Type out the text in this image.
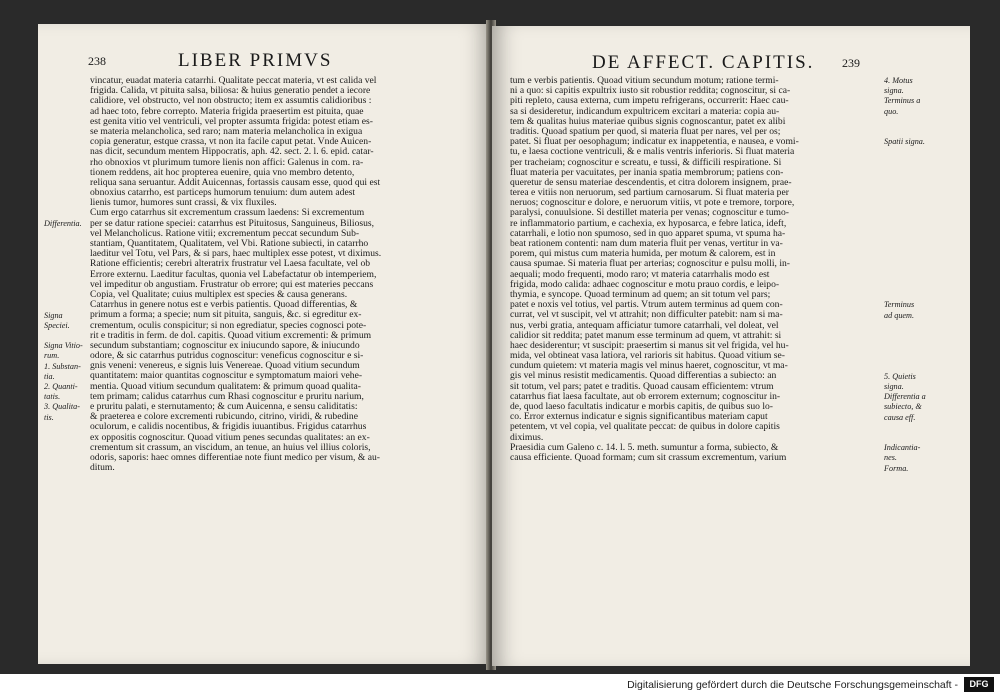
238	LIBER PRIMVS
vincatur, euadat materia catarrhi. Qualitate peccat materia, vt est calida vel
frigida. Calida, vt pituita salsa, biliosa: & huius generatio pendet a iecore
calidiore, vel obstructo, vel non obstructo; item ex assumtis calidioribus :
ad haec toto, febre correpto. Materia frigida praesertim est pituita, quae
est genita vitio vel ventriculi, vel propter assumta frigida: potest etiam es-
se materia melancholica, sed raro; nam materia melancholica in exigua
copia generatur, estque crassa, vt non ita facile caput petat. Vnde Auicen-
nas dicit, secundum mentem Hippocratis, aph. 42. sect. 2. l. 6. epid. catar-
rho obnoxios vt plurimum tumore lienis non affici: Galenus in com. ra-
tionem reddens, ait hoc propterea euenire, quia vno membro detento,
reliqua sana seruantur. Addit Auicennas, fortassis causam esse, quod qui est
obnoxius catarrho, est particeps humorum tenuium: dum autem adest
lienis tumor, humores sunt crassi, & vix fluxiles.
Cum ergo catarrhus sit excrementum crassum laedens: Si excrementum
per se datur ratione speciei: catarrhus est Pituitosus, Sanguineus, Biliosus,
vel Melancholicus. Ratione vitii; excrementum peccat secundum Sub-
stantiam, Quantitatem, Qualitatem, vel Vbi. Ratione subiecti, in catarrho
laeditur vel Totu, vel Pars, & si pars, haec multiplex esse potest, vt diximus.
Ratione efficientis; cerebri alteratrix frustratur vel Laesa facultate, vel ob
Errore externu. Laeditur facultas, quonia vel Labefactatur ob intemperiem,
vel impeditur ob angustiam. Frustratur ob errore; qui est materies peccans
Copia, vel Qualitate; cuius multiplex est species & causa generans.
Catarrhus in genere notus est e verbis patientis. Quoad differentias, &
primum a forma; a specie; num sit pituita, sanguis, &c. si egreditur ex-
crementum, oculis conspicitur; si non egrediatur, species cognosci pote-
rit e traditis in ferm. de dol. capitis. Quoad vitium excrementi: & primum
secundum substantiam; cognoscitur ex iniucundo sapore, & iniucundo
odore, & sic catarrhus putridus cognoscitur: veneficus cognoscitur e si-
gnis veneni: venereus, e signis luis Venereae. Quoad vitium secundum
quantitatem: maior quantitas cognoscitur e symptomatum maiori vehe-
mentia. Quoad vitium secundum qualitatem: & primum quoad qualita-
tem primam; calidus catarrhus cum Rhasi cognoscitur e pruritu narium,
e pruritu palati, e sternutamento; & cum Auicenna, e sensu caliditatis:
& praeterea e colore excrementi rubicundo, citrino, viridi, & rubedine
oculorum, e calidis nocentibus, & frigidis iuuantibus. Frigidus catarrhus
ex oppositis cognoscitur. Quoad vitium penes secundas qualitates: an ex-
crementum sit crassum, an viscidum, an tenue, an huius vel illius coloris,
odoris, saporis: haec omnes differentiae note fiunt medico per visum, & au-
ditum.
Differentia.
Signa
Speciei.
Signa Vitio-
rum.
1. Substan-
tia.
2. Quanti-
tatis.
3. Qualita-
tis.
DE AFFECT. CAPITIS. 239
tum e verbis patientis. Quoad vitium secundum motum; ratione termi-
ni a quo: si capitis expultrix iusto sit robustior reddita; cognoscitur, si ca-
piti repleto, causa externa, cum impetu refrigerans, occurrerit: Haec cau-
sa si desideretur, indicandum expultricem excitari a materia: copia au-
tem & qualitas huius materiae quibus signis cognoscantur, patet ex alibi
traditis. Quoad spatium per quod, si materia fluat per nares, vel per os;
patet. Si fluat per oesophagum; indicatur ex inappetentia, e nausea, e vomi-
tu, e laesa coctione ventriculi, & e malis ventris inferioris. Si fluat materia
per tracheiam; cognoscitur e screatu, e tussi, & difficili respiratione. Si
fluat materia per vacuitates, per inania spatia membrorum; patiens con-
queretur de sensu materiae descendentis, et citra dolorem insignem, prae-
terea e vitiis non neruorum, sed partium carnosarum. Si fluat materia per
neruos; cognoscitur e dolore, e neruorum vitiis, vt pote e tremore, torpore,
paralysi, conuulsione. Si destillet materia per venas; cognoscitur e tumo-
re inflammatorio partium, e cachexia, ex hyposarca, e febre latica, ideft,
catarrhali, e lotio non spumoso, sed in quo apparet spuma, vt spuma ha-
beat rationem contenti: nam dum materia fluit per venas, vertitur in va-
porem, qui mistus cum materia humida, per motum & calorem, est in
causa spumae. Si materia fluat per arterias; cognoscitur e pulsu molli, in-
aequali; modo frequenti, modo raro; vt materia catarrhalis modo est
frigida, modo calida: adhaec cognoscitur e motu prauo cordis, e leipo-
thymia, e syncope. Quoad terminum ad quem; an sit totum vel pars;
patet e noxis vel totius, vel partis. Vtrum autem terminus ad quem con-
currat, vel vt suscipit, vel vt attrahit; non difficulter patebit: nam si ma-
nus, verbi gratia, antequam afficiatur tumore catarrhali, vel doleat, vel
calidior sit reddita; patet manum esse terminum ad quem, vt attrahit: si
haec desiderentur; vt suscipit: praesertim si manus sit vel frigida, vel hu-
mida, vel obtineat vasa latiora, vel rarioris sit habitus. Quoad vitium se-
cundum quietem: vt materia magis vel minus haeret, cognoscitur, vt ma-
gis vel minus resistit medicamentis. Quoad differentias a subiecto: an
sit totum, vel pars; patet e traditis. Quoad causam efficientem: vtrum
catarrhus fiat laesa facultate, aut ob errorem externum; cognoscitur in-
de, quod laeso facultatis indicatur e morbis capitis, de quibus suo lo-
co. Error externus indicatur e signis significantibus materiam caput
petentem, vt vel copia, vel qualitate peccat: de quibus in dolore capitis
diximus.
Praesidia cum Galeno c. 14. l. 5. meth. sumuntur a forma, subiecto, &
causa efficiente. Quoad formam; cum sit crassum excrementum, varium
4. Motus
signa.
Terminus a
quo.
Spatii signa.
Terminus
ad quem.
5. Quietis
signa.
Differentia a
subiecto, &
causa eff.
Indicantia-
nes.
Forma.
Digitalisierung gefördert durch die Deutsche Forschungsgemeinschaft -	DFG
